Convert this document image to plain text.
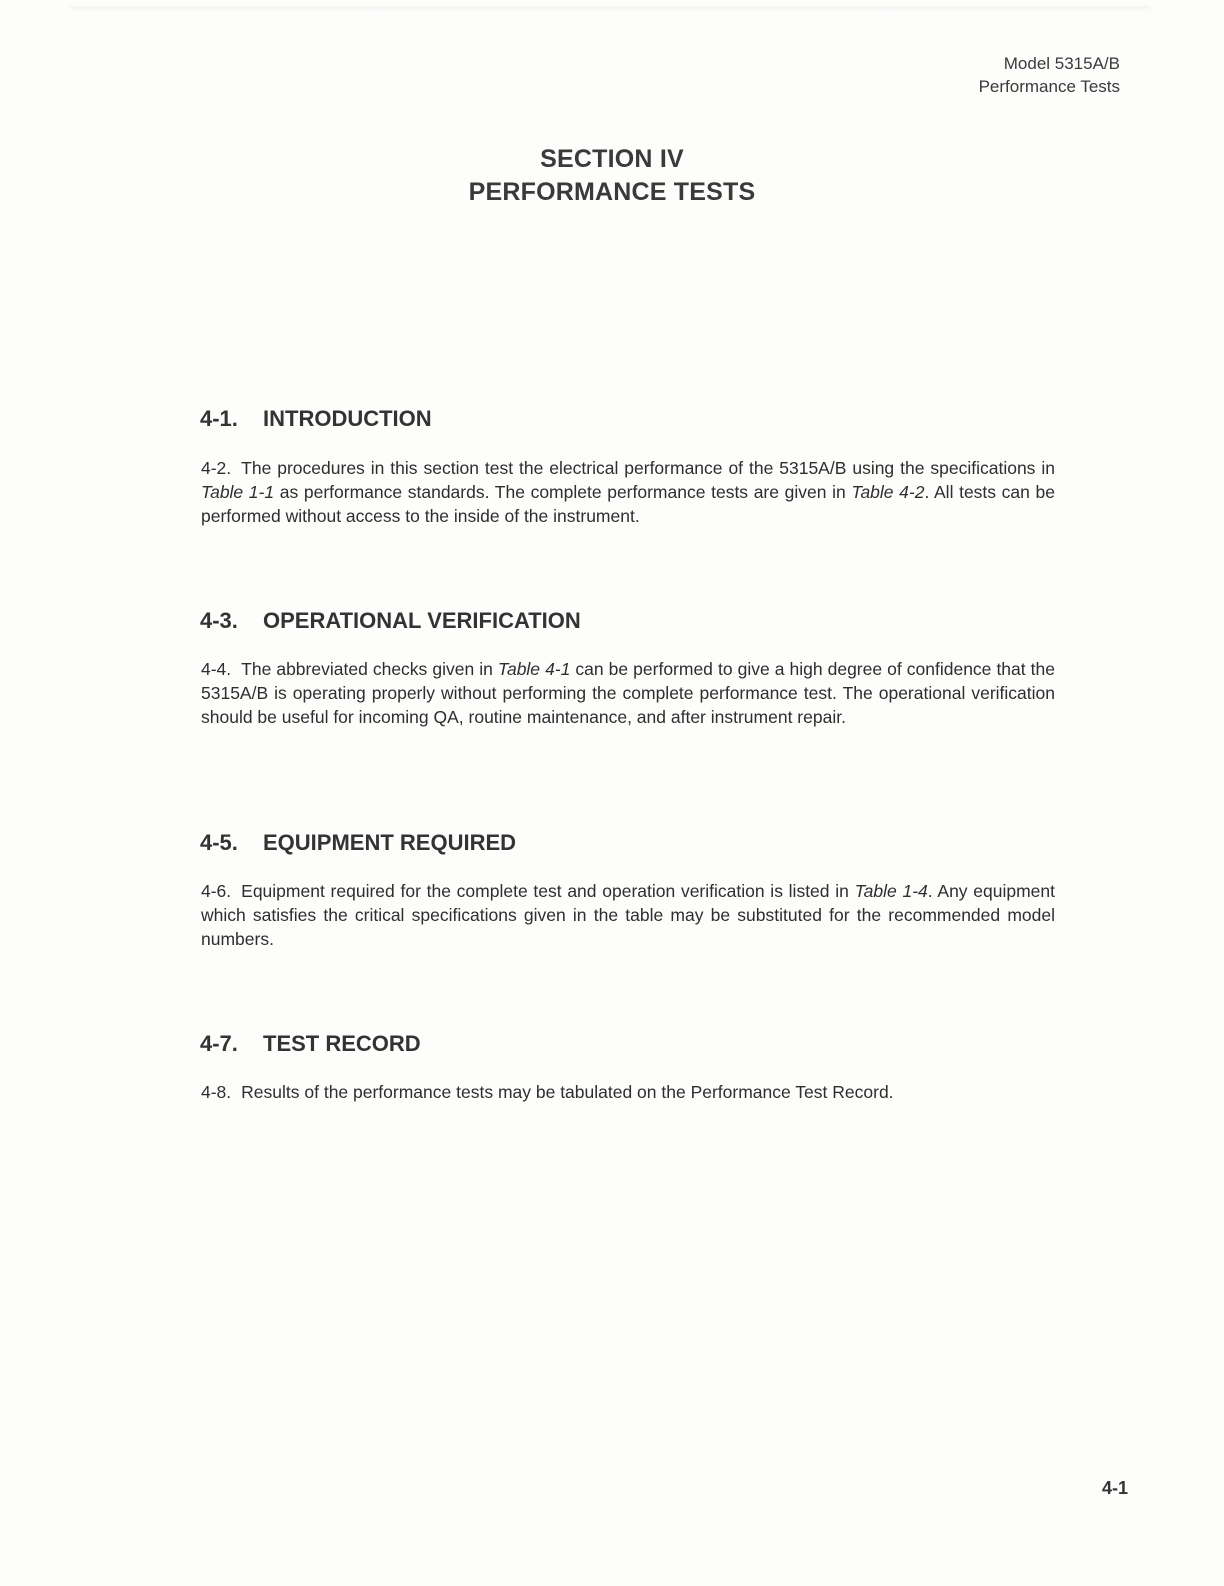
Model 5315A/B
Performance Tests
SECTION IV
PERFORMANCE TESTS
4-1. INTRODUCTION
4-2. The procedures in this section test the electrical performance of the 5315A/B using the specifications in Table 1-1 as performance standards. The complete performance tests are given in Table 4-2. All tests can be performed without access to the inside of the instrument.
4-3. OPERATIONAL VERIFICATION
4-4. The abbreviated checks given in Table 4-1 can be performed to give a high degree of confidence that the 5315A/B is operating properly without performing the complete performance test. The operational verification should be useful for incoming QA, routine maintenance, and after instrument repair.
4-5. EQUIPMENT REQUIRED
4-6. Equipment required for the complete test and operation verification is listed in Table 1-4. Any equipment which satisfies the critical specifications given in the table may be substituted for the recommended model numbers.
4-7. TEST RECORD
4-8. Results of the performance tests may be tabulated on the Performance Test Record.
4-1
